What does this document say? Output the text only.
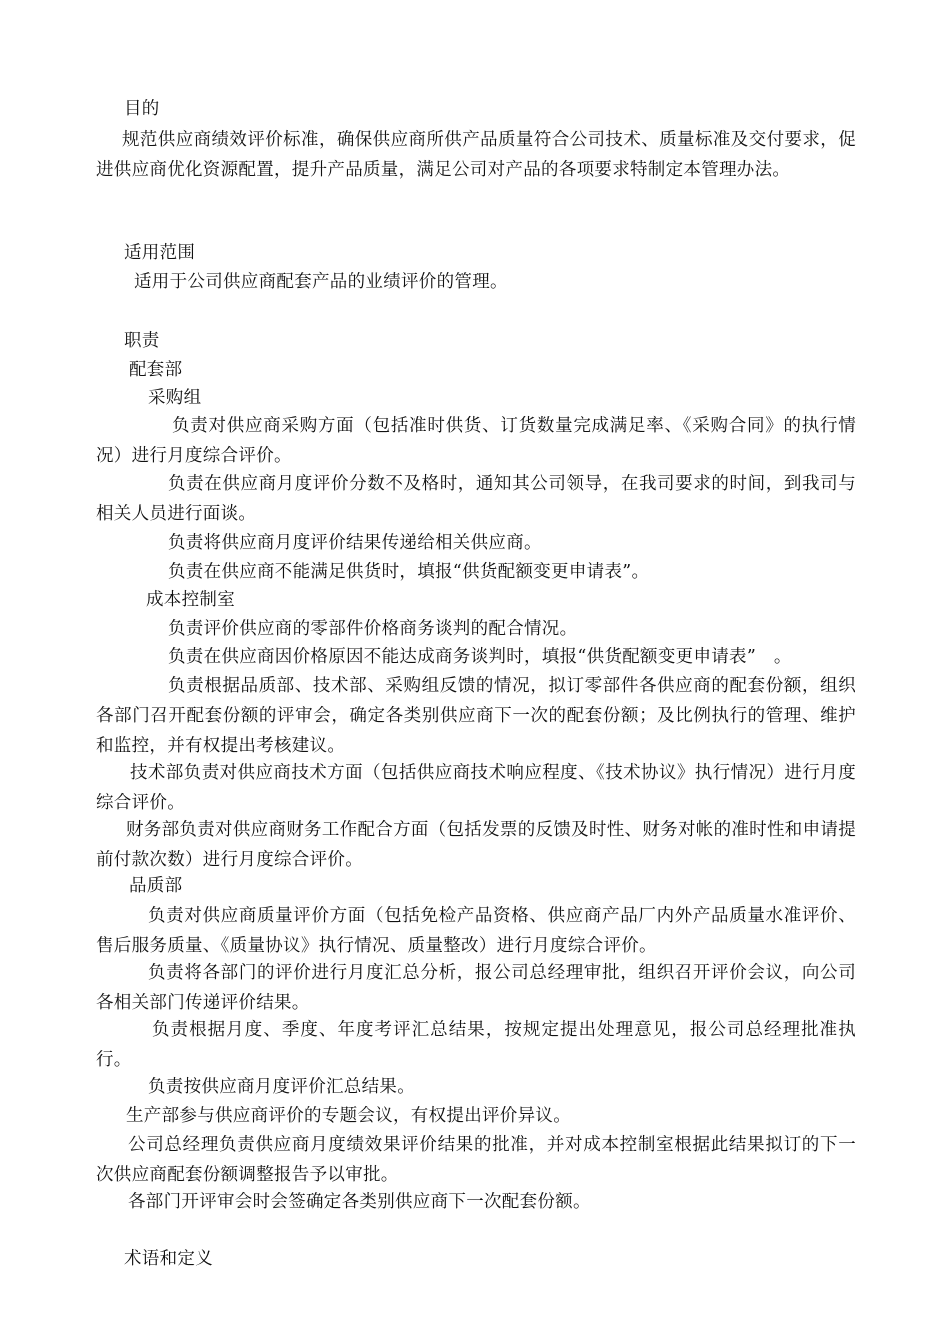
目的
规范供应商绩效评价标准，确保供应商所供产品质量符合公司技术、质量标准及交付要求，促进供应商优化资源配置，提升产品质量，满足公司对产品的各项要求特制定本管理办法。
适用范围
适用于公司供应商配套产品的业绩评价的管理。
职责
配套部
采购组
负责对供应商采购方面（包括准时供货、订货数量完成满足率、《采购合同》的执行情况）进行月度综合评价。
负责在供应商月度评价分数不及格时，通知其公司领导，在我司要求的时间，到我司与相关人员进行面谈。
负责将供应商月度评价结果传递给相关供应商。
负责在供应商不能满足供货时，填报“供货配额变更申请表”。
成本控制室
负责评价供应商的零部件价格商务谈判的配合情况。
负责在供应商因价格原因不能达成商务谈判时，填报“供货配额变更申请表”　。
负责根据品质部、技术部、采购组反馈的情况，拟订零部件各供应商的配套份额，组织各部门召开配套份额的评审会，确定各类别供应商下一次的配套份额；及比例执行的管理、维护和监控，并有权提出考核建议。
技术部负责对供应商技术方面（包括供应商技术响应程度、《技术协议》执行情况）进行月度综合评价。
财务部负责对供应商财务工作配合方面（包括发票的反馈及时性、财务对帐的准时性和申请提前付款次数）进行月度综合评价。
品质部
负责对供应商质量评价方面（包括免检产品资格、供应商产品厂内外产品质量水准评价、售后服务质量、《质量协议》执行情况、质量整改）进行月度综合评价。
负责将各部门的评价进行月度汇总分析，报公司总经理审批，组织召开评价会议，向公司各相关部门传递评价结果。
负责根据月度、季度、年度考评汇总结果，按规定提出处理意见，报公司总经理批准执行。
负责按供应商月度评价汇总结果。
生产部参与供应商评价的专题会议，有权提出评价异议。
公司总经理负责供应商月度绩效果评价结果的批准，并对成本控制室根据此结果拟订的下一次供应商配套份额调整报告予以审批。
各部门开评审会时会签确定各类别供应商下一次配套份额。
术语和定义
